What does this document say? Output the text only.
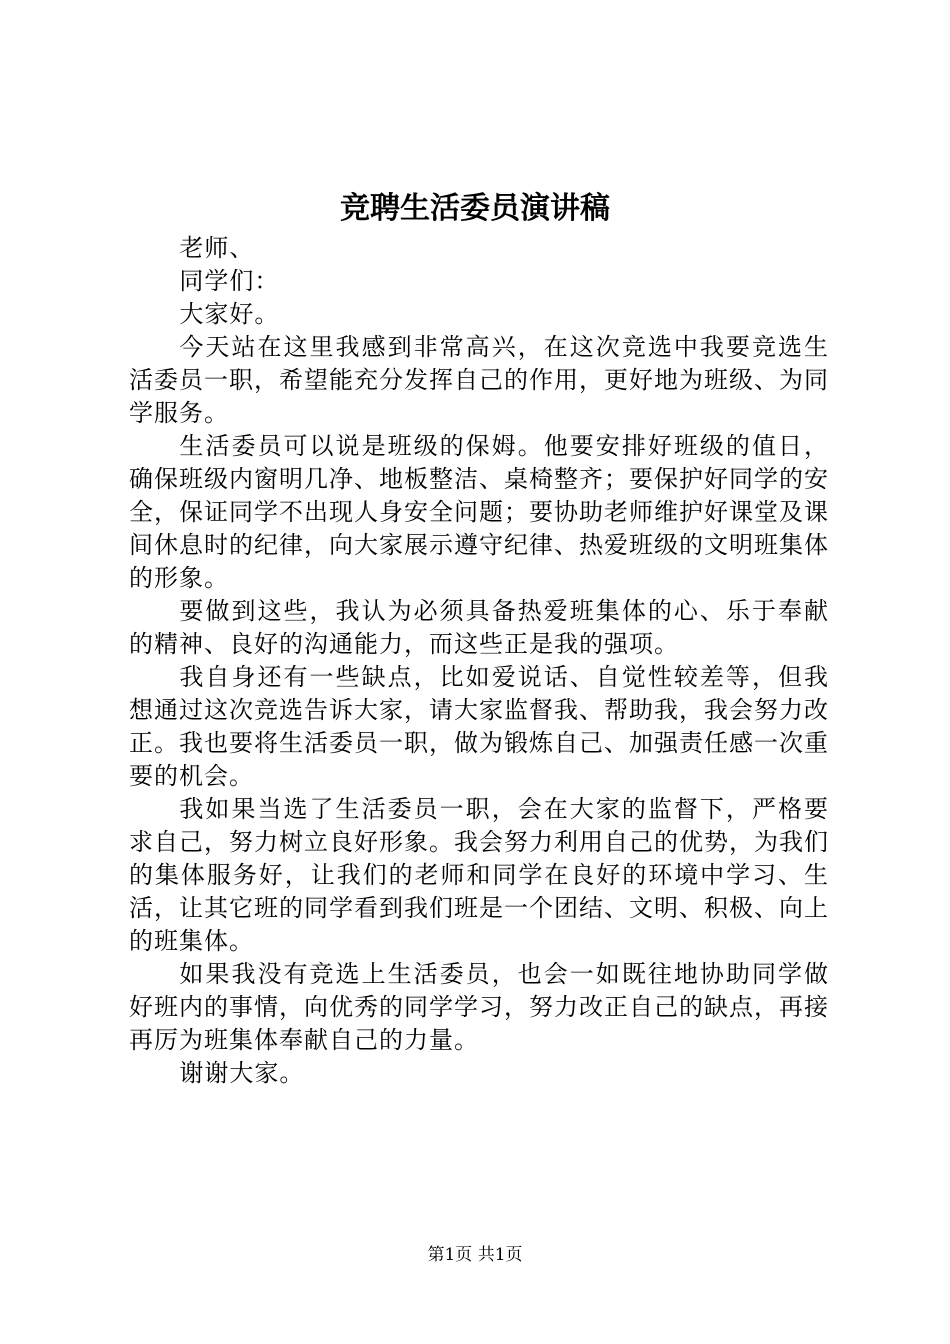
竞聘生活委员演讲稿

老师、

同学们：

大家好。

今天站在这里我感到非常高兴，在这次竞选中我要竞选生活委员一职，希望能充分发挥自己的作用，更好地为班级、为同学服务。

生活委员可以说是班级的保姆。他要安排好班级的值日，确保班级内窗明几净、地板整洁、桌椅整齐；要保护好同学的安全，保证同学不出现人身安全问题；要协助老师维护好课堂及课间休息时的纪律，向大家展示遵守纪律、热爱班级的文明班集体的形象。

要做到这些，我认为必须具备热爱班集体的心、乐于奉献的精神、良好的沟通能力，而这些正是我的强项。

我自身还有一些缺点，比如爱说话、自觉性较差等，但我想通过这次竞选告诉大家，请大家监督我、帮助我，我会努力改正。我也要将生活委员一职，做为锻炼自己、加强责任感一次重要的机会。

我如果当选了生活委员一职，会在大家的监督下，严格要求自己，努力树立良好形象。我会努力利用自己的优势，为我们的集体服务好，让我们的老师和同学在良好的环境中学习、生活，让其它班的同学看到我们班是一个团结、文明、积极、向上的班集体。

如果我没有竞选上生活委员，也会一如既往地协助同学做好班内的事情，向优秀的同学学习，努力改正自己的缺点，再接再厉为班集体奉献自己的力量。

谢谢大家。

第1页 共1页
